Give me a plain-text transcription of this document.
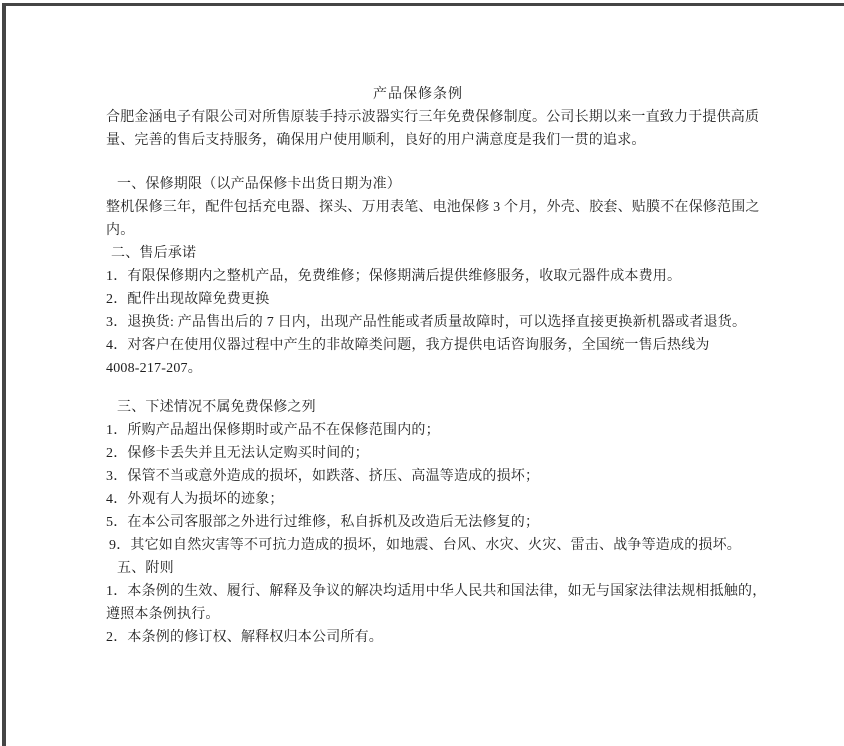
产品保修条例
合肥金涵电子有限公司对所售原装手持示波器实行三年免费保修制度。公司长期以来一直致力于提供高质
量、完善的售后支持服务，确保用户使用顺利，良好的用户满意度是我们一贯的追求。
一、保修期限（以产品保修卡出货日期为准）
整机保修三年，配件包括充电器、探头、万用表笔、电池保修 3 个月，外壳、胶套、贴膜不在保修范围之
内。
二、售后承诺
1．有限保修期内之整机产品，免费维修；保修期满后提供维修服务，收取元器件成本费用。
2．配件出现故障免费更换
3．退换货: 产品售出后的 7 日内，出现产品性能或者质量故障时，可以选择直接更换新机器或者退货。
4．对客户在使用仪器过程中产生的非故障类问题，我方提供电话咨询服务，全国统一售后热线为
4008-217-207。
三、下述情况不属免费保修之列
1．所购产品超出保修期时或产品不在保修范围内的；
2．保修卡丢失并且无法认定购买时间的；
3．保管不当或意外造成的损坏，如跌落、挤压、高温等造成的损坏；
4．外观有人为损坏的迹象；
5．在本公司客服部之外进行过维修，私自拆机及改造后无法修复的；
9．其它如自然灾害等不可抗力造成的损坏，如地震、台风、水灾、火灾、雷击、战争等造成的损坏。
五、附则
1．本条例的生效、履行、解释及争议的解决均适用中华人民共和国法律，如无与国家法律法规相抵触的，
遵照本条例执行。
2．本条例的修订权、解释权归本公司所有。
